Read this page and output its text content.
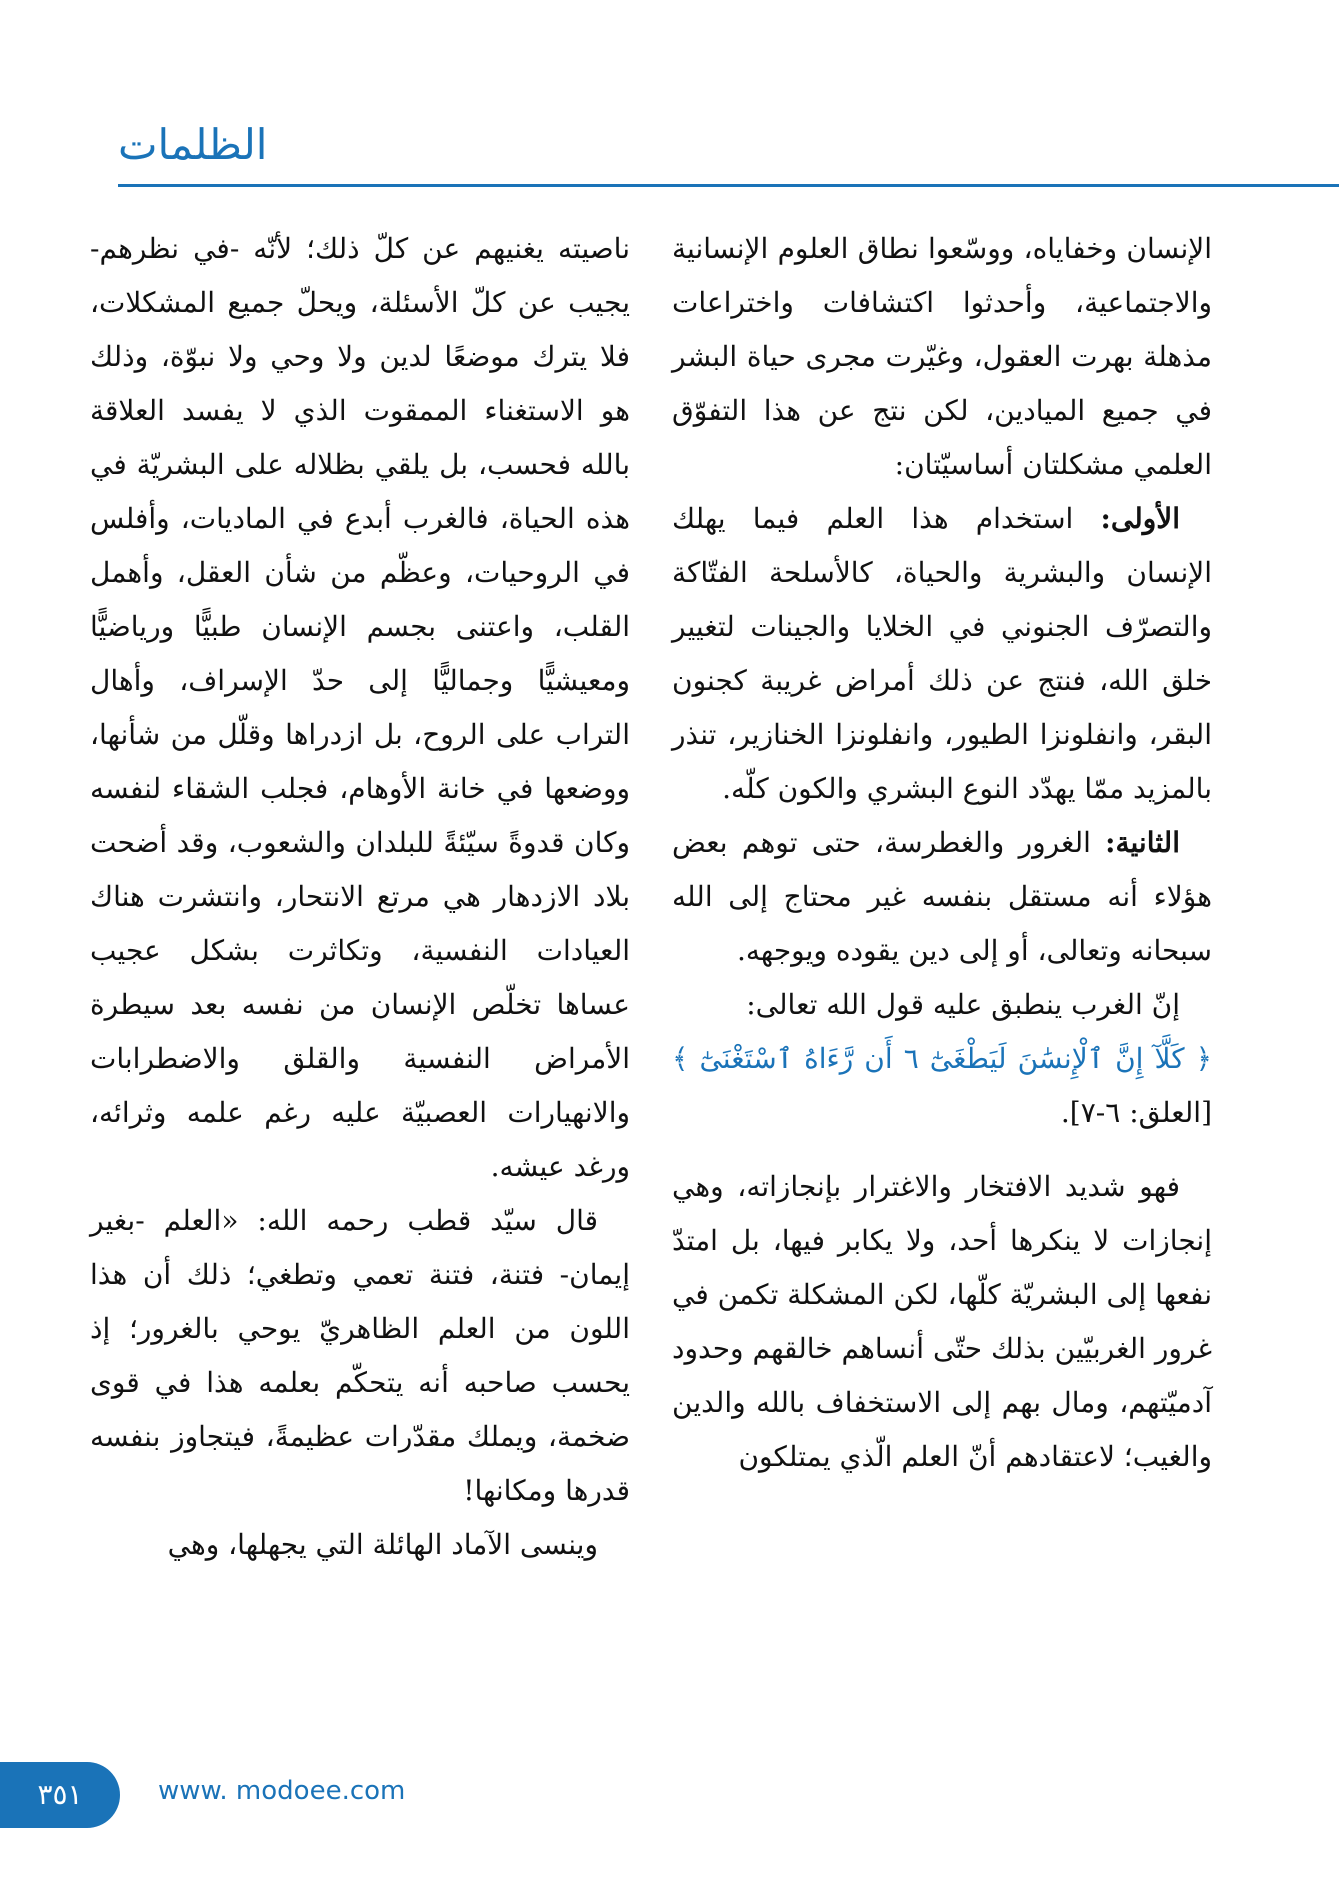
الظلمات

الإنسان وخفاياه، ووسّعوا نطاق العلوم الإنسانية والاجتماعية، وأحدثوا اكتشافات واختراعات مذهلة بهرت العقول، وغيّرت مجرى حياة البشر في جميع الميادين، لكن نتج عن هذا التفوّق العلمي مشكلتان أساسيّتان:

الأولى: استخدام هذا العلم فيما يهلك الإنسان والبشرية والحياة، كالأسلحة الفتّاكة والتصرّف الجنوني في الخلايا والجينات لتغيير خلق الله، فنتج عن ذلك أمراض غريبة كجنون البقر، وانفلونزا الطيور، وانفلونزا الخنازير، تنذر بالمزيد ممّا يهدّد النوع البشري والكون كلّه.

الثانية: الغرور والغطرسة، حتى توهم بعض هؤلاء أنه مستقل بنفسه غير محتاج إلى الله سبحانه وتعالى، أو إلى دين يقوده ويوجهه.

إنّ الغرب ينطبق عليه قول الله تعالى:

﴿ كَلَّآ إِنَّ ٱلْإِنسَٰنَ لَيَطْغَىٰٓ ٦ أَن رَّءَاهُ ٱسْتَغْنَىٰٓ ﴾ [العلق: ٦-٧].

فهو شديد الافتخار والاغترار بإنجازاته، وهي إنجازات لا ينكرها أحد، ولا يكابر فيها، بل امتدّ نفعها إلى البشريّة كلّها، لكن المشكلة تكمن في غرور الغربيّين بذلك حتّى أنساهم خالقهم وحدود آدميّتهم، ومال بهم إلى الاستخفاف بالله والدين والغيب؛ لاعتقادهم أنّ العلم الّذي يمتلكون

ناصيته يغنيهم عن كلّ ذلك؛ لأنّه -في نظرهم- يجيب عن كلّ الأسئلة، ويحلّ جميع المشكلات، فلا يترك موضعًا لدين ولا وحي ولا نبوّة، وذلك هو الاستغناء الممقوت الذي لا يفسد العلاقة بالله فحسب، بل يلقي بظلاله على البشريّة في هذه الحياة، فالغرب أبدع في الماديات، وأفلس في الروحيات، وعظّم من شأن العقل، وأهمل القلب، واعتنى بجسم الإنسان طبيًّا ورياضيًّا ومعيشيًّا وجماليًّا إلى حدّ الإسراف، وأهال التراب على الروح، بل ازدراها وقلّل من شأنها، ووضعها في خانة الأوهام، فجلب الشقاء لنفسه وكان قدوةً سيّئةً للبلدان والشعوب، وقد أضحت بلاد الازدهار هي مرتع الانتحار، وانتشرت هناك العيادات النفسية، وتكاثرت بشكل عجيب عساها تخلّص الإنسان من نفسه بعد سيطرة الأمراض النفسية والقلق والاضطرابات والانهيارات العصبيّة عليه رغم علمه وثرائه، ورغد عيشه.

قال سيّد قطب رحمه الله: «العلم -بغير إيمان- فتنة، فتنة تعمي وتطغي؛ ذلك أن هذا اللون من العلم الظاهريّ يوحي بالغرور؛ إذ يحسب صاحبه أنه يتحكّم بعلمه هذا في قوى ضخمة، ويملك مقدّرات عظيمةً، فيتجاوز بنفسه قدرها ومكانها!

وينسى الآماد الهائلة التي يجهلها، وهي

٣٥١	www. modoee.com
